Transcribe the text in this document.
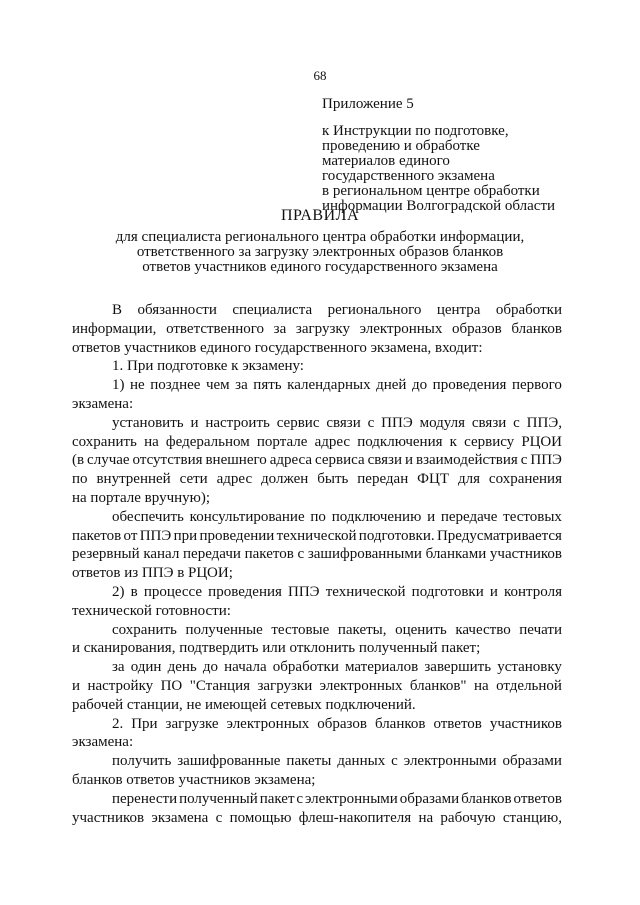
68
Приложение 5
к Инструкции по подготовке,
проведению и обработке
материалов единого
государственного экзамена
в региональном центре обработки
информации Волгоградской области
ПРАВИЛА
для специалиста регионального центра обработки информации,
ответственного за загрузку электронных образов бланков
ответов участников единого государственного экзамена
В обязанности специалиста регионального центра обработки
информации, ответственного за загрузку электронных образов бланков
ответов участников единого государственного экзамена, входит:
1. При подготовке к экзамену:
1) не позднее чем за пять календарных дней до проведения первого
экзамена:
установить и настроить сервис связи с ППЭ модуля связи с ППЭ,
сохранить на федеральном портале адрес подключения к сервису РЦОИ
(в случае отсутствия внешнего адреса сервиса связи и взаимодействия с ППЭ
по внутренней сети адрес должен быть передан ФЦТ для сохранения
на портале вручную);
обеспечить консультирование по подключению и передаче тестовых
пакетов от ППЭ при проведении технической подготовки. Предусматривается
резервный канал передачи пакетов с зашифрованными бланками участников
ответов из ППЭ в РЦОИ;
2) в процессе проведения ППЭ технической подготовки и контроля
технической готовности:
сохранить полученные тестовые пакеты, оценить качество печати
и сканирования, подтвердить или отклонить полученный пакет;
за один день до начала обработки материалов завершить установку
и настройку ПО "Станция загрузки электронных бланков" на отдельной
рабочей станции, не имеющей сетевых подключений.
2. При загрузке электронных образов бланков ответов участников
экзамена:
получить зашифрованные пакеты данных с электронными образами
бланков ответов участников экзамена;
перенести полученный пакет с электронными образами бланков ответов
участников экзамена с помощью флеш-накопителя на рабочую станцию,
